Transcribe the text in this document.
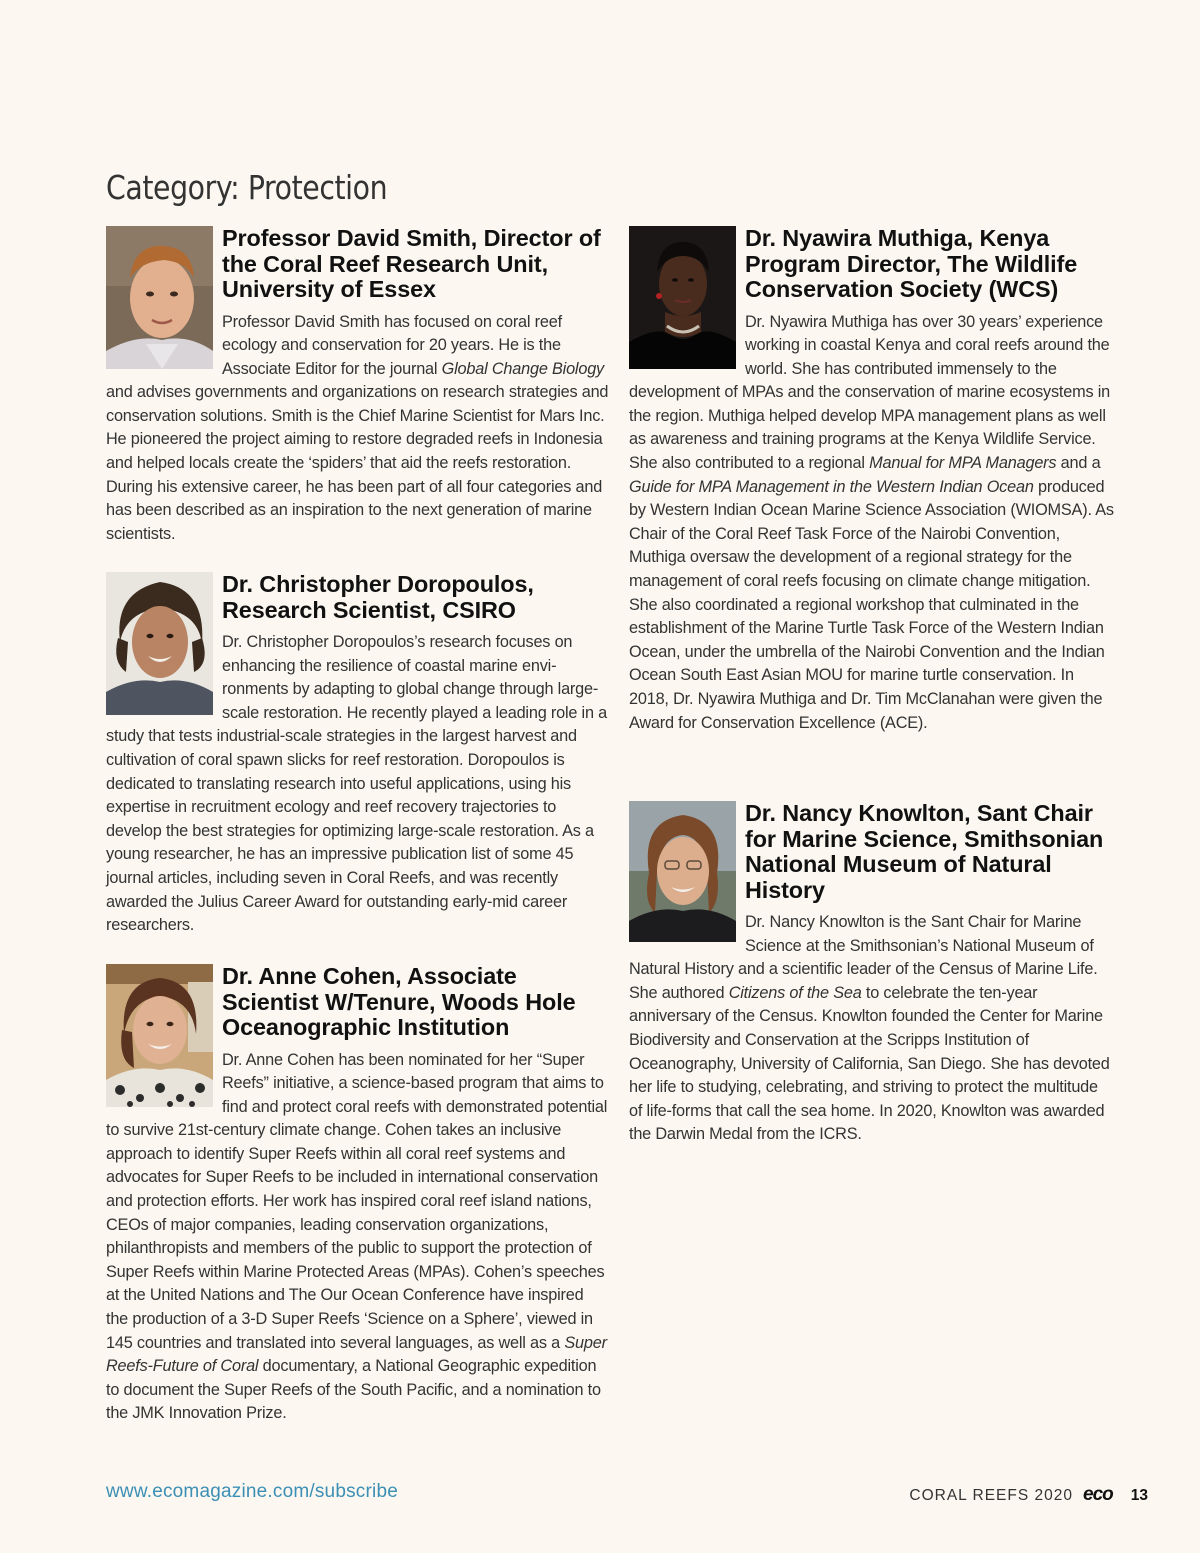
Category: Protection
Professor David Smith, Director of the Coral Reef Research Unit, University of Essex

Professor David Smith has focused on coral reef ecology and conservation for 20 years. He is the Associate Editor for the journal Global Change Biology and advises governments and organizations on research strategies and conservation solutions. Smith is the Chief Marine Scientist for Mars Inc. He pioneered the project aiming to restore degraded reefs in Indonesia and helped locals create the ‘spiders’ that aid the reefs restoration. During his extensive career, he has been part of all four categories and has been described as an inspiration to the next generation of marine scientists.

Dr. Christopher Doropoulos, Research Scientist, CSIRO

Dr. Christopher Doropoulos’s research focuses on enhancing the resilience of coastal marine environments by adapting to global change through large-scale restoration. He recently played a leading role in a study that tests industrial-scale strategies in the largest harvest and cultivation of coral spawn slicks for reef restoration. Doropoulos is dedicated to translating research into useful applications, using his expertise in recruitment ecology and reef recovery trajectories to develop the best strategies for optimizing large-scale restoration. As a young researcher, he has an impressive publication list of some 45 journal articles, including seven in Coral Reefs, and was recently awarded the Julius Career Award for outstanding early-mid career researchers.

Dr. Anne Cohen, Associate Scientist W/Tenure, Woods Hole Oceanographic Institution

Dr. Anne Cohen has been nominated for her “Super Reefs” initiative, a science-based program that aims to find and protect coral reefs with demonstrated potential to survive 21st-century climate change. Cohen takes an inclusive approach to identify Super Reefs within all coral reef systems and advocates for Super Reefs to be included in international conservation and protection efforts. Her work has inspired coral reef island nations, CEOs of major companies, leading conservation organizations, philanthropists and members of the public to support the protection of Super Reefs within Marine Protected Areas (MPAs). Cohen’s speeches at the United Nations and The Our Ocean Conference have inspired the production of a 3-D Super Reefs ‘Science on a Sphere’, viewed in 145 countries and translated into several languages, as well as a Super Reefs-Future of Coral documentary, a National Geographic expedition to document the Super Reefs of the South Pacific, and a nomination to the JMK Innovation Prize.

Dr. Nyawira Muthiga, Kenya Program Director, The Wildlife Conservation Society (WCS)

Dr. Nyawira Muthiga has over 30 years’ experience working in coastal Kenya and coral reefs around the world. She has contributed immensely to the development of MPAs and the conservation of marine ecosystems in the region. Muthiga helped develop MPA management plans as well as awareness and training programs at the Kenya Wildlife Service. She also contributed to a regional Manual for MPA Managers and a Guide for MPA Management in the Western Indian Ocean produced by Western Indian Ocean Marine Science Association (WIOMSA). As Chair of the Coral Reef Task Force of the Nairobi Convention, Muthiga oversaw the development of a regional strategy for the management of coral reefs focusing on climate change mitigation. She also coordinated a regional workshop that culminated in the establishment of the Marine Turtle Task Force of the Western Indian Ocean, under the umbrella of the Nairobi Convention and the Indian Ocean South East Asian MOU for marine turtle conservation. In 2018, Dr. Nyawira Muthiga and Dr. Tim McClanahan were given the Award for Conservation Excellence (ACE).

Dr. Nancy Knowlton, Sant Chair for Marine Science, Smithsonian National Museum of Natural History

Dr. Nancy Knowlton is the Sant Chair for Marine Science at the Smithsonian’s National Museum of Natural History and a scientific leader of the Census of Marine Life. She authored Citizens of the Sea to celebrate the ten-year anniversary of the Census. Knowlton founded the Center for Marine Biodiversity and Conservation at the Scripps Institution of Oceanography, University of California, San Diego. She has devoted her life to studying, celebrating, and striving to protect the multitude of life-forms that call the sea home. In 2020, Knowlton was awarded the Darwin Medal from the ICRS.

www.ecomagazine.com/subscribe	CORAL REEFS 2020 eco 13
